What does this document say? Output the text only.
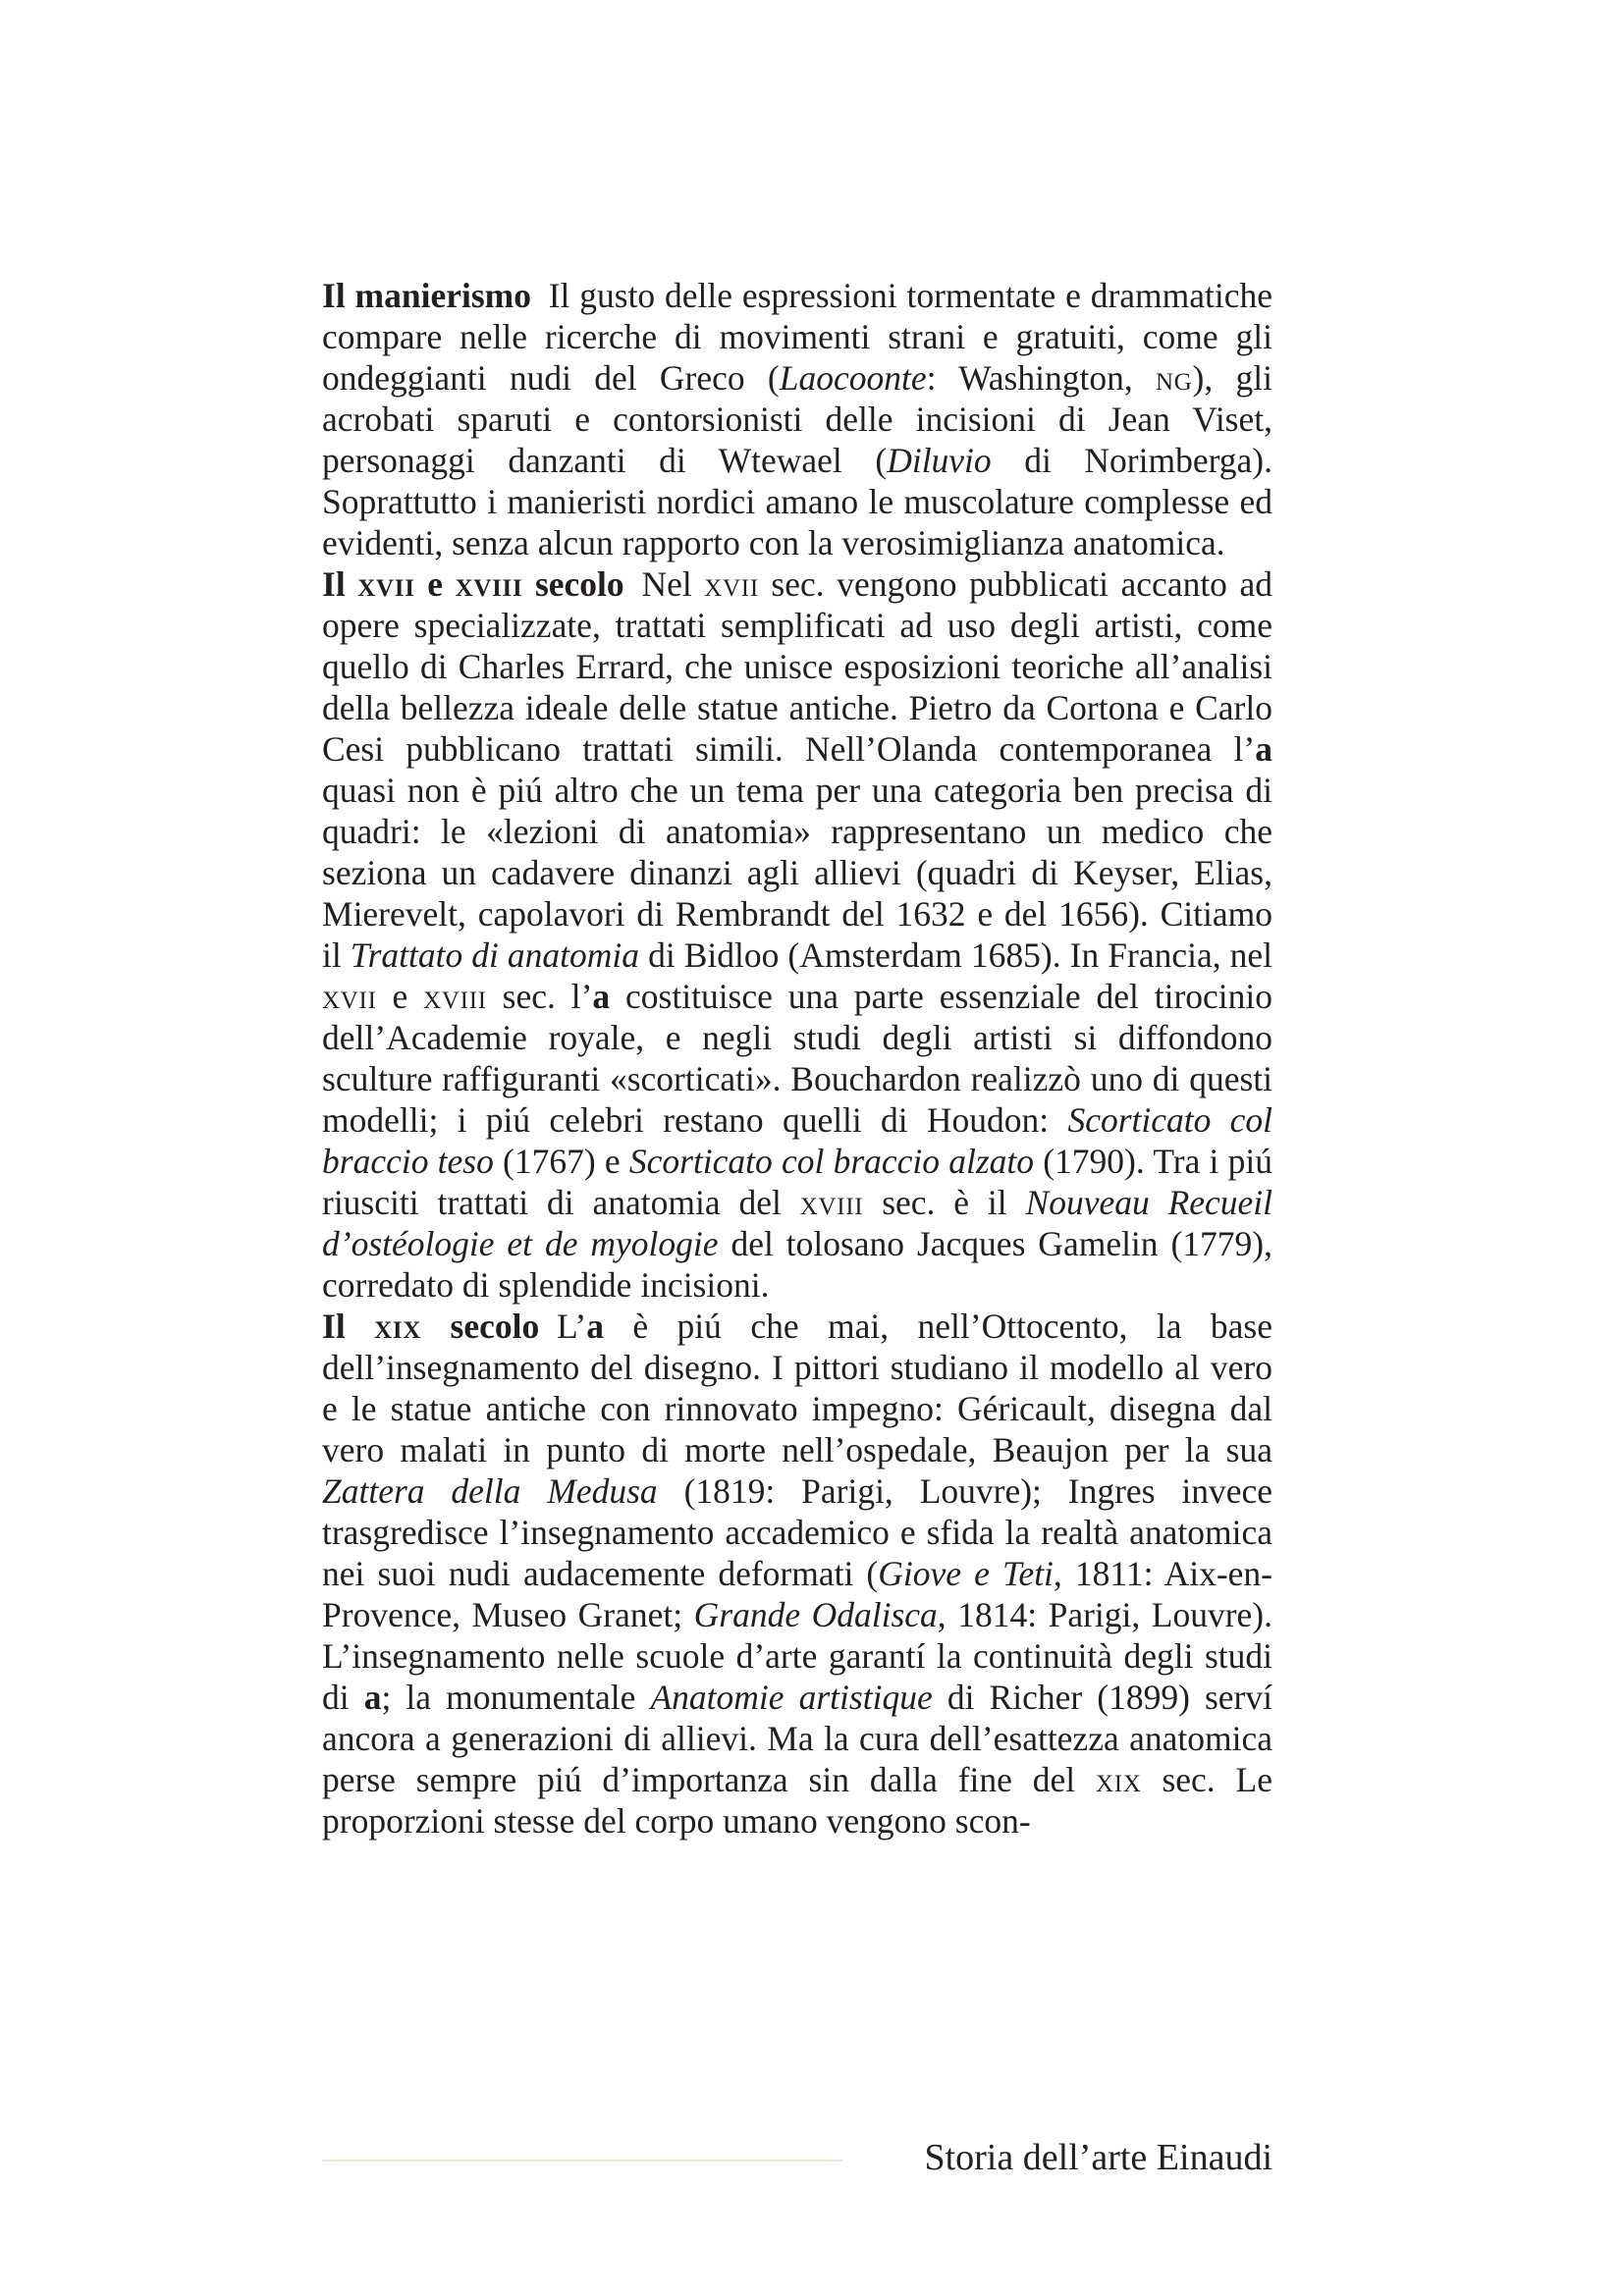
Il manierismo  Il gusto delle espressioni tormentate e drammatiche compare nelle ricerche di movimenti strani e gratuiti, come gli ondeggianti nudi del Greco (Laocoonte: Washington, ng), gli acrobati sparuti e contorsionisti delle incisioni di Jean Viset, personaggi danzanti di Wtewael (Diluvio di Norimberga). Soprattutto i manieristi nordici amano le muscolature complesse ed evidenti, senza alcun rapporto con la verosimiglianza anatomica.

Il xvii e xviii secolo  Nel xvii sec. vengono pubblicati accanto ad opere specializzate, trattati semplificati ad uso degli artisti, come quello di Charles Errard, che unisce esposizioni teoriche all’analisi della bellezza ideale delle statue antiche. Pietro da Cortona e Carlo Cesi pubblicano trattati simili. Nell’Olanda contemporanea l’a quasi non è piú altro che un tema per una categoria ben precisa di quadri: le «lezioni di anatomia» rappresentano un medico che seziona un cadavere dinanzi agli allievi (quadri di Keyser, Elias, Mierevelt, capolavori di Rembrandt del 1632 e del 1656). Citiamo il Trattato di anatomia di Bidloo (Amsterdam 1685). In Francia, nel xvii e xviii sec. l’a costituisce una parte essenziale del tirocinio dell’Academie royale, e negli studi degli artisti si diffondono sculture raffiguranti «scorticati». Bouchardon realizzò uno di questi modelli; i piú celebri restano quelli di Houdon: Scorticato col braccio teso (1767) e Scorticato col braccio alzato (1790). Tra i piú riusciti trattati di anatomia del xviii sec. è il Nouveau Recueil d’ostéologie et de myologie del tolosano Jacques Gamelin (1779), corredato di splendide incisioni.

Il xix secolo  L’a è piú che mai, nell’Ottocento, la base dell’insegnamento del disegno. I pittori studiano il modello al vero e le statue antiche con rinnovato impegno: Géricault, disegna dal vero malati in punto di morte nell’ospedale, Beaujon per la sua Zattera della Medusa (1819: Parigi, Louvre); Ingres invece trasgredisce l’insegnamento accademico e sfida la realtà anatomica nei suoi nudi audacemente deformati (Giove e Teti, 1811: Aix-en-Provence, Museo Granet; Grande Odalisca, 1814: Parigi, Louvre). L’insegnamento nelle scuole d’arte garantí la continuità degli studi di a; la monumentale Anatomie artistique di Richer (1899) serví ancora a generazioni di allievi. Ma la cura dell’esattezza anatomica perse sempre piú d’importanza sin dalla fine del xix sec. Le proporzioni stesse del corpo umano vengono scon-

Storia dell’arte Einaudi
